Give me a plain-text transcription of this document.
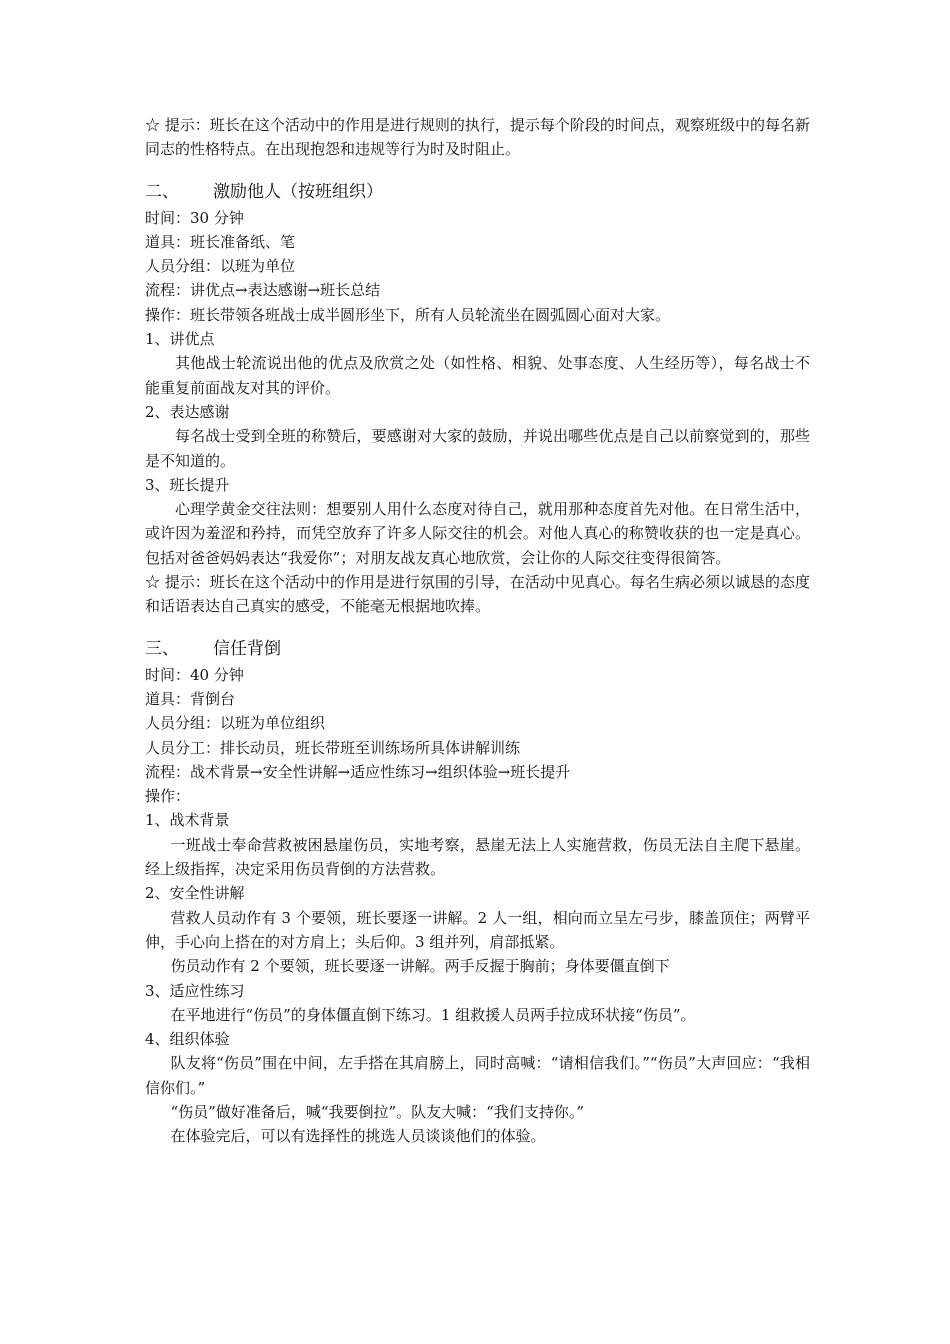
☆ 提示：班长在这个活动中的作用是进行规则的执行，提示每个阶段的时间点，观察班级中的每名新同志的性格特点。在出现抱怨和违规等行为时及时阻止。

二、 激励他人（按班组织）

时间：30 分钟

道具：班长准备纸、笔

人员分组：以班为单位

流程：讲优点→表达感谢→班长总结

操作：班长带领各班战士成半圆形坐下，所有人员轮流坐在圆弧圆心面对大家。

1、讲优点

其他战士轮流说出他的优点及欣赏之处（如性格、相貌、处事态度、人生经历等），每名战士不能重复前面战友对其的评价。

2、表达感谢

每名战士受到全班的称赞后，要感谢对大家的鼓励，并说出哪些优点是自己以前察觉到的，那些是不知道的。

3、班长提升

心理学黄金交往法则：想要别人用什么态度对待自己，就用那种态度首先对他。在日常生活中，或许因为羞涩和矜持，而凭空放弃了许多人际交往的机会。对他人真心的称赞收获的也一定是真心。包括对爸爸妈妈表达“我爱你”；对朋友战友真心地欣赏，会让你的人际交往变得很简答。

☆ 提示：班长在这个活动中的作用是进行氛围的引导，在活动中见真心。每名生病必须以诚恳的态度和话语表达自己真实的感受，不能毫无根据地吹捧。

三、 信任背倒

时间：40 分钟

道具：背倒台

人员分组：以班为单位组织

人员分工：排长动员，班长带班至训练场所具体讲解训练

流程：战术背景→安全性讲解→适应性练习→组织体验→班长提升

操作：

1、战术背景

一班战士奉命营救被困悬崖伤员，实地考察，悬崖无法上人实施营救，伤员无法自主爬下悬崖。经上级指挥，决定采用伤员背倒的方法营救。

2、安全性讲解

营救人员动作有 3 个要领，班长要逐一讲解。2 人一组，相向而立呈左弓步，膝盖顶住；两臂平伸，手心向上搭在的对方肩上；头后仰。3 组并列，肩部抵紧。

伤员动作有 2 个要领，班长要逐一讲解。两手反握于胸前；身体要僵直倒下

3、适应性练习

在平地进行“伤员”的身体僵直倒下练习。1 组救援人员两手拉成环状接“伤员”。

4、组织体验

队友将“伤员”围在中间，左手搭在其肩膀上，同时高喊：“请相信我们。”“伤员”大声回应：“我相信你们。”

“伤员”做好准备后，喊“我要倒拉”。队友大喊：“我们支持你。”

在体验完后，可以有选择性的挑选人员谈谈他们的体验。
